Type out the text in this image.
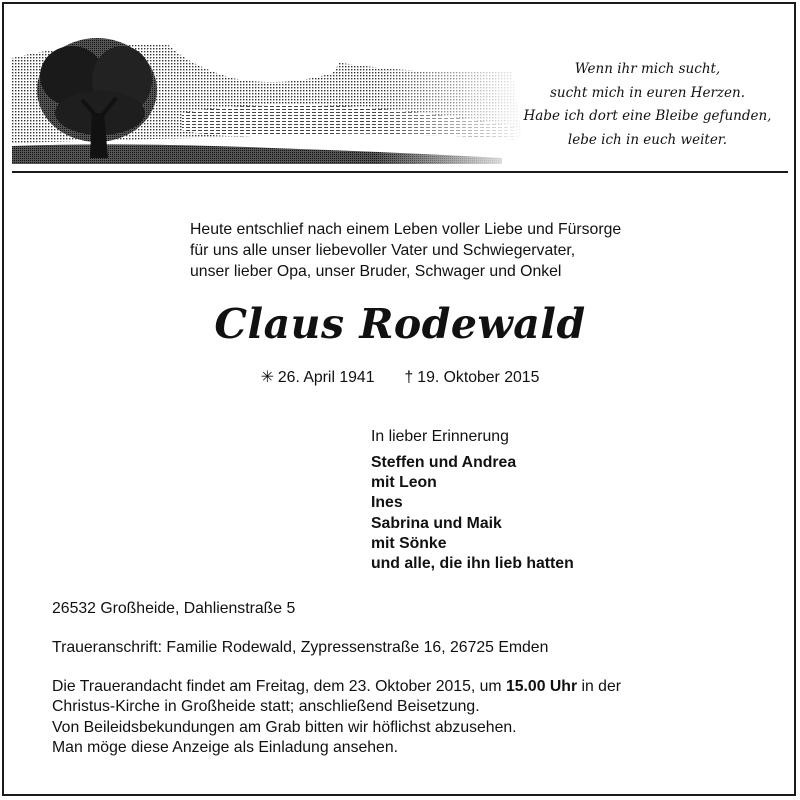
Wenn ihr mich sucht,
sucht mich in euren Herzen.
Habe ich dort eine Bleibe gefunden,
lebe ich in euch weiter.
Heute entschlief nach einem Leben voller Liebe und Fürsorge
für uns alle unser liebevoller Vater und Schwiegervater,
unser lieber Opa, unser Bruder, Schwager und Onkel
Claus Rodewald
✳ 26. April 1941 † 19. Oktober 2015
In lieber Erinnerung
Steffen und Andrea
mit Leon
Ines
Sabrina und Maik
mit Sönke
und alle, die ihn lieb hatten
26532 Großheide, Dahlienstraße 5
Traueranschrift: Familie Rodewald, Zypressenstraße 16, 26725 Emden
Die Trauerandacht findet am Freitag, dem 23. Oktober 2015, um 15.00 Uhr in der
Christus-Kirche in Großheide statt; anschließend Beisetzung.
Von Beileidsbekundungen am Grab bitten wir höflichst abzusehen.
Man möge diese Anzeige als Einladung ansehen.
